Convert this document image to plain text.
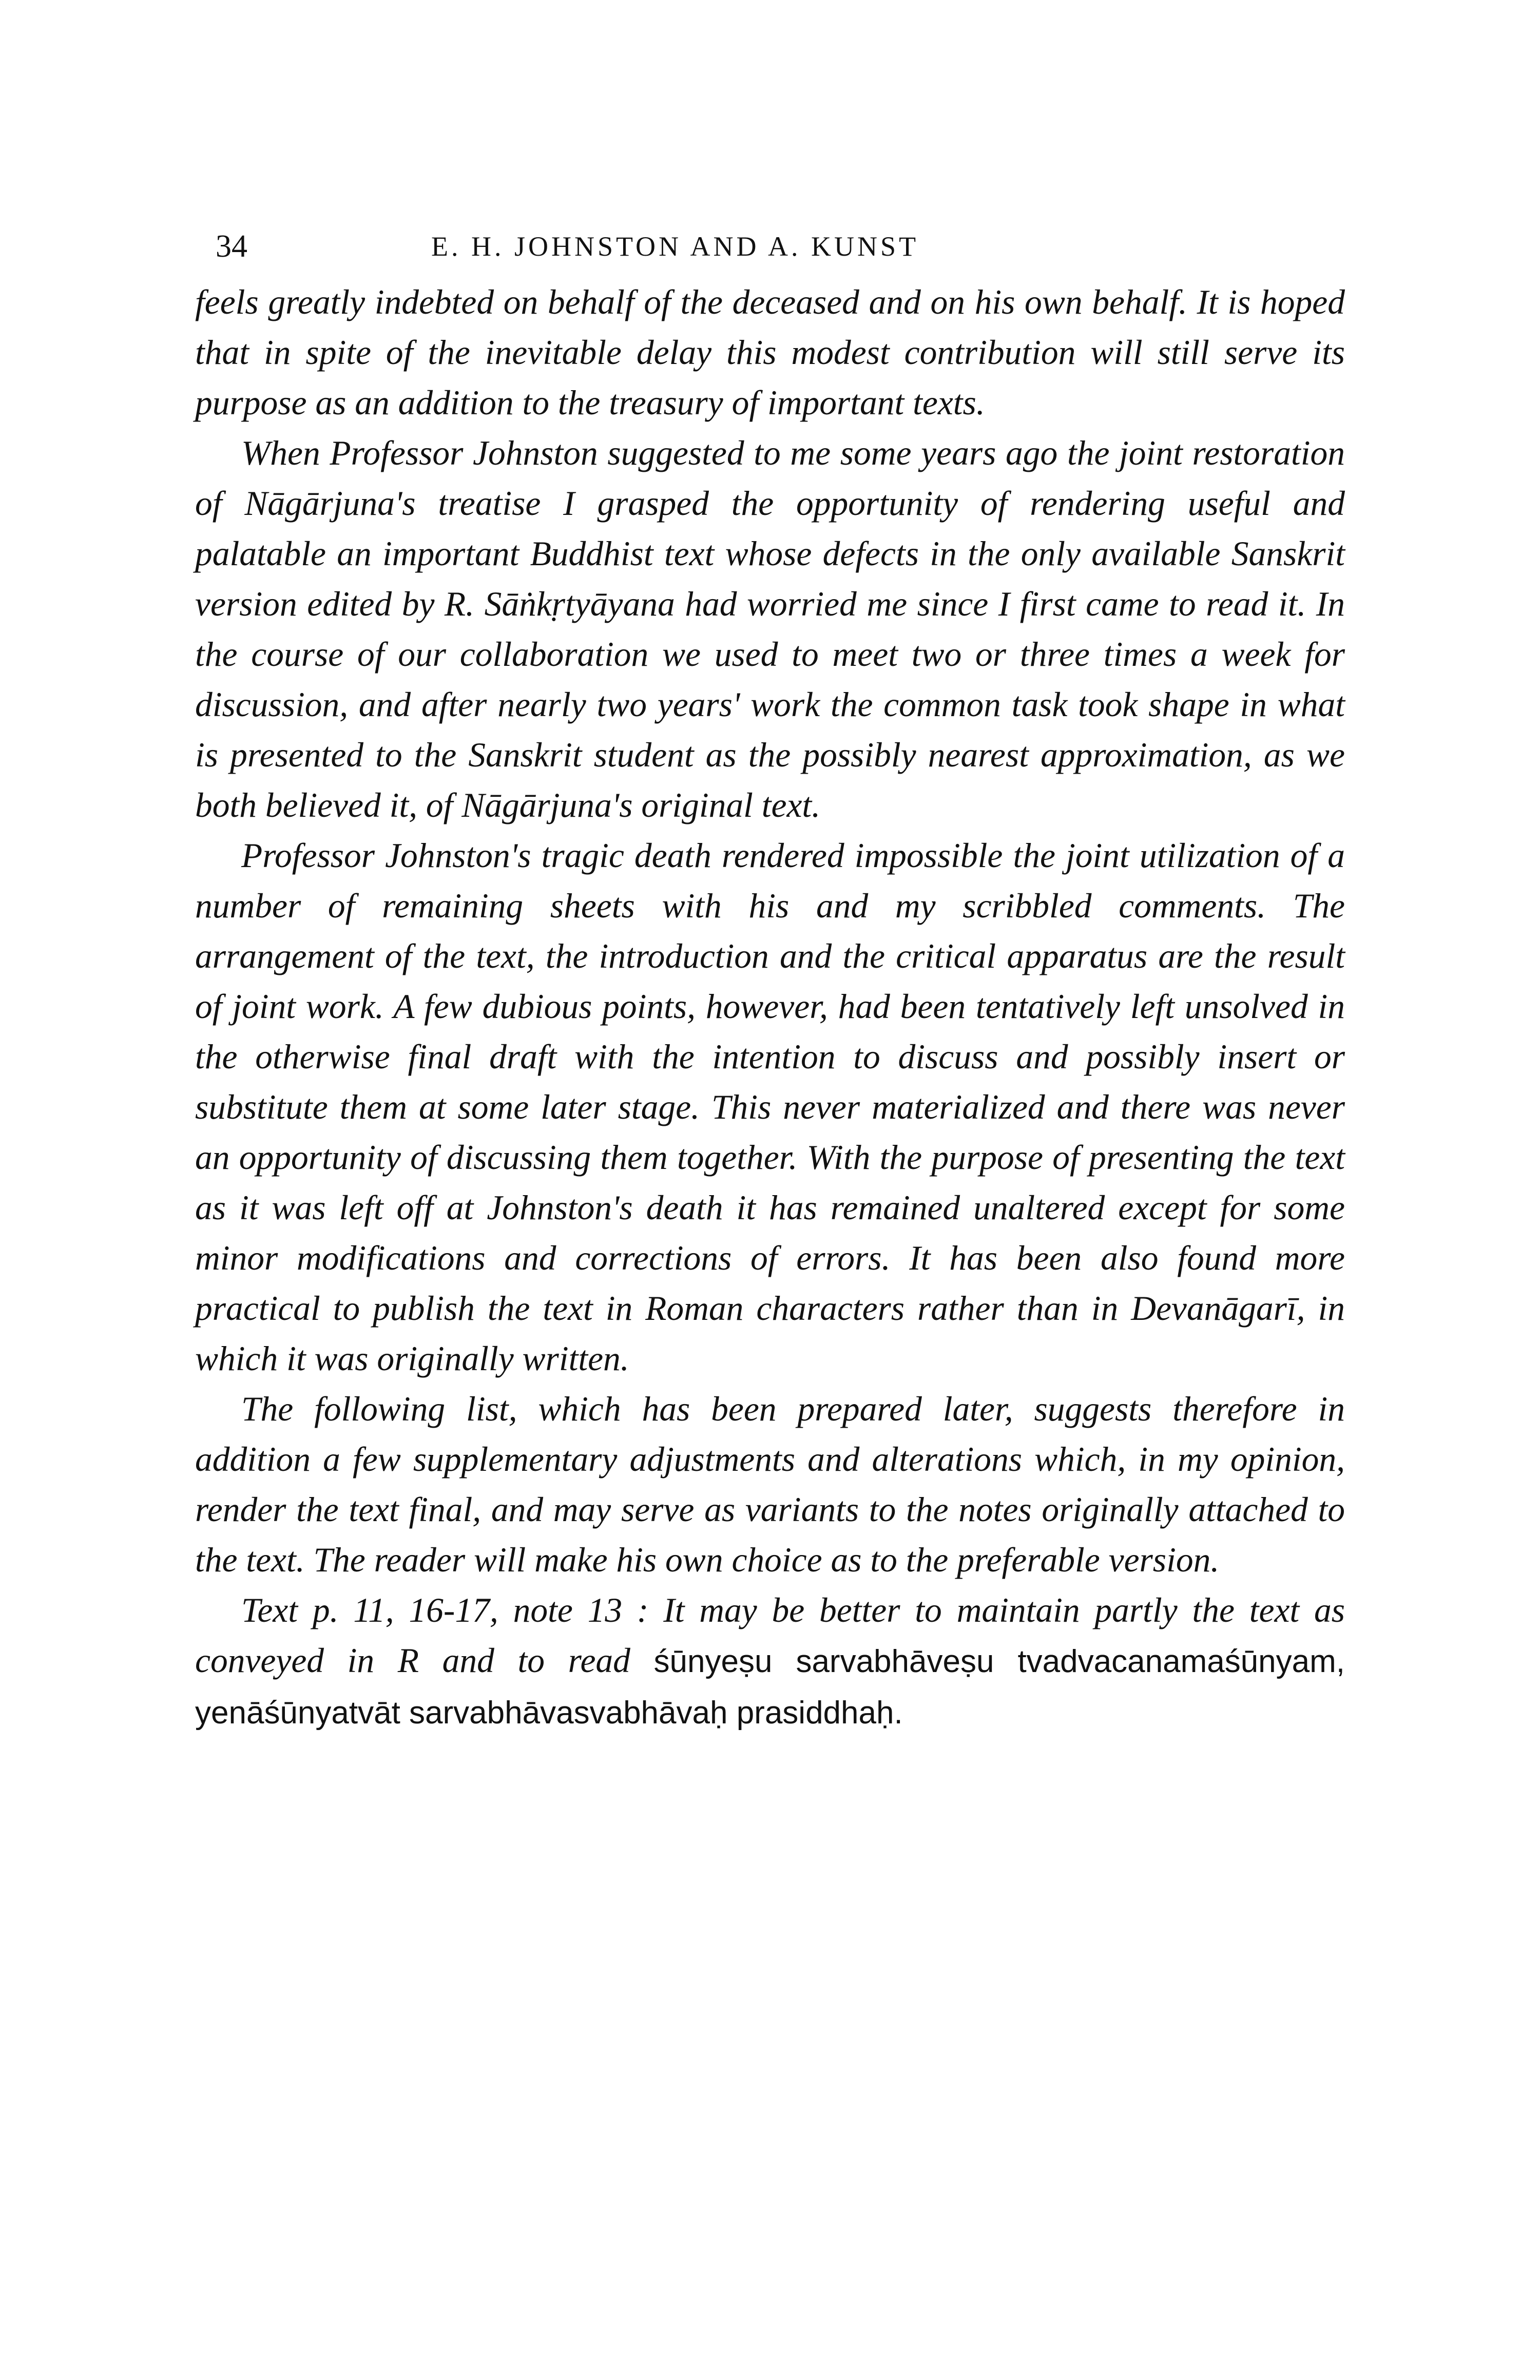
34	E. H. JOHNSTON AND A. KUNST

feels greatly indebted on behalf of the deceased and on his own behalf. It is hoped that in spite of the inevitable delay this modest contribution will still serve its purpose as an addition to the treasury of important texts.

When Professor Johnston suggested to me some years ago the joint restoration of Nāgārjuna's treatise I grasped the opportunity of rendering useful and palatable an important Buddhist text whose defects in the only available Sanskrit version edited by R. Sāṅkṛtyāyana had worried me since I first came to read it. In the course of our collaboration we used to meet two or three times a week for discussion, and after nearly two years' work the common task took shape in what is presented to the Sanskrit student as the possibly nearest approximation, as we both believed it, of Nāgārjuna's original text.

Professor Johnston's tragic death rendered impossible the joint utilization of a number of remaining sheets with his and my scribbled comments. The arrangement of the text, the introduction and the critical apparatus are the result of joint work. A few dubious points, however, had been tentatively left unsolved in the otherwise final draft with the intention to discuss and possibly insert or substitute them at some later stage. This never materialized and there was never an opportunity of discussing them together. With the purpose of presenting the text as it was left off at Johnston's death it has remained unaltered except for some minor modifications and corrections of errors. It has been also found more practical to publish the text in Roman characters rather than in Devanāgarī, in which it was originally written.

The following list, which has been prepared later, suggests therefore in addition a few supplementary adjustments and alterations which, in my opinion, render the text final, and may serve as variants to the notes originally attached to the text. The reader will make his own choice as to the preferable version.

Text p. 11, 16-17, note 13 : It may be better to maintain partly the text as conveyed in R and to read śūnyeṣu sarvabhāveṣu tvadvacanamaśūnyam, yenāśūnyatvāt sarvabhāvasvabhāvaḥ prasiddhaḥ.
